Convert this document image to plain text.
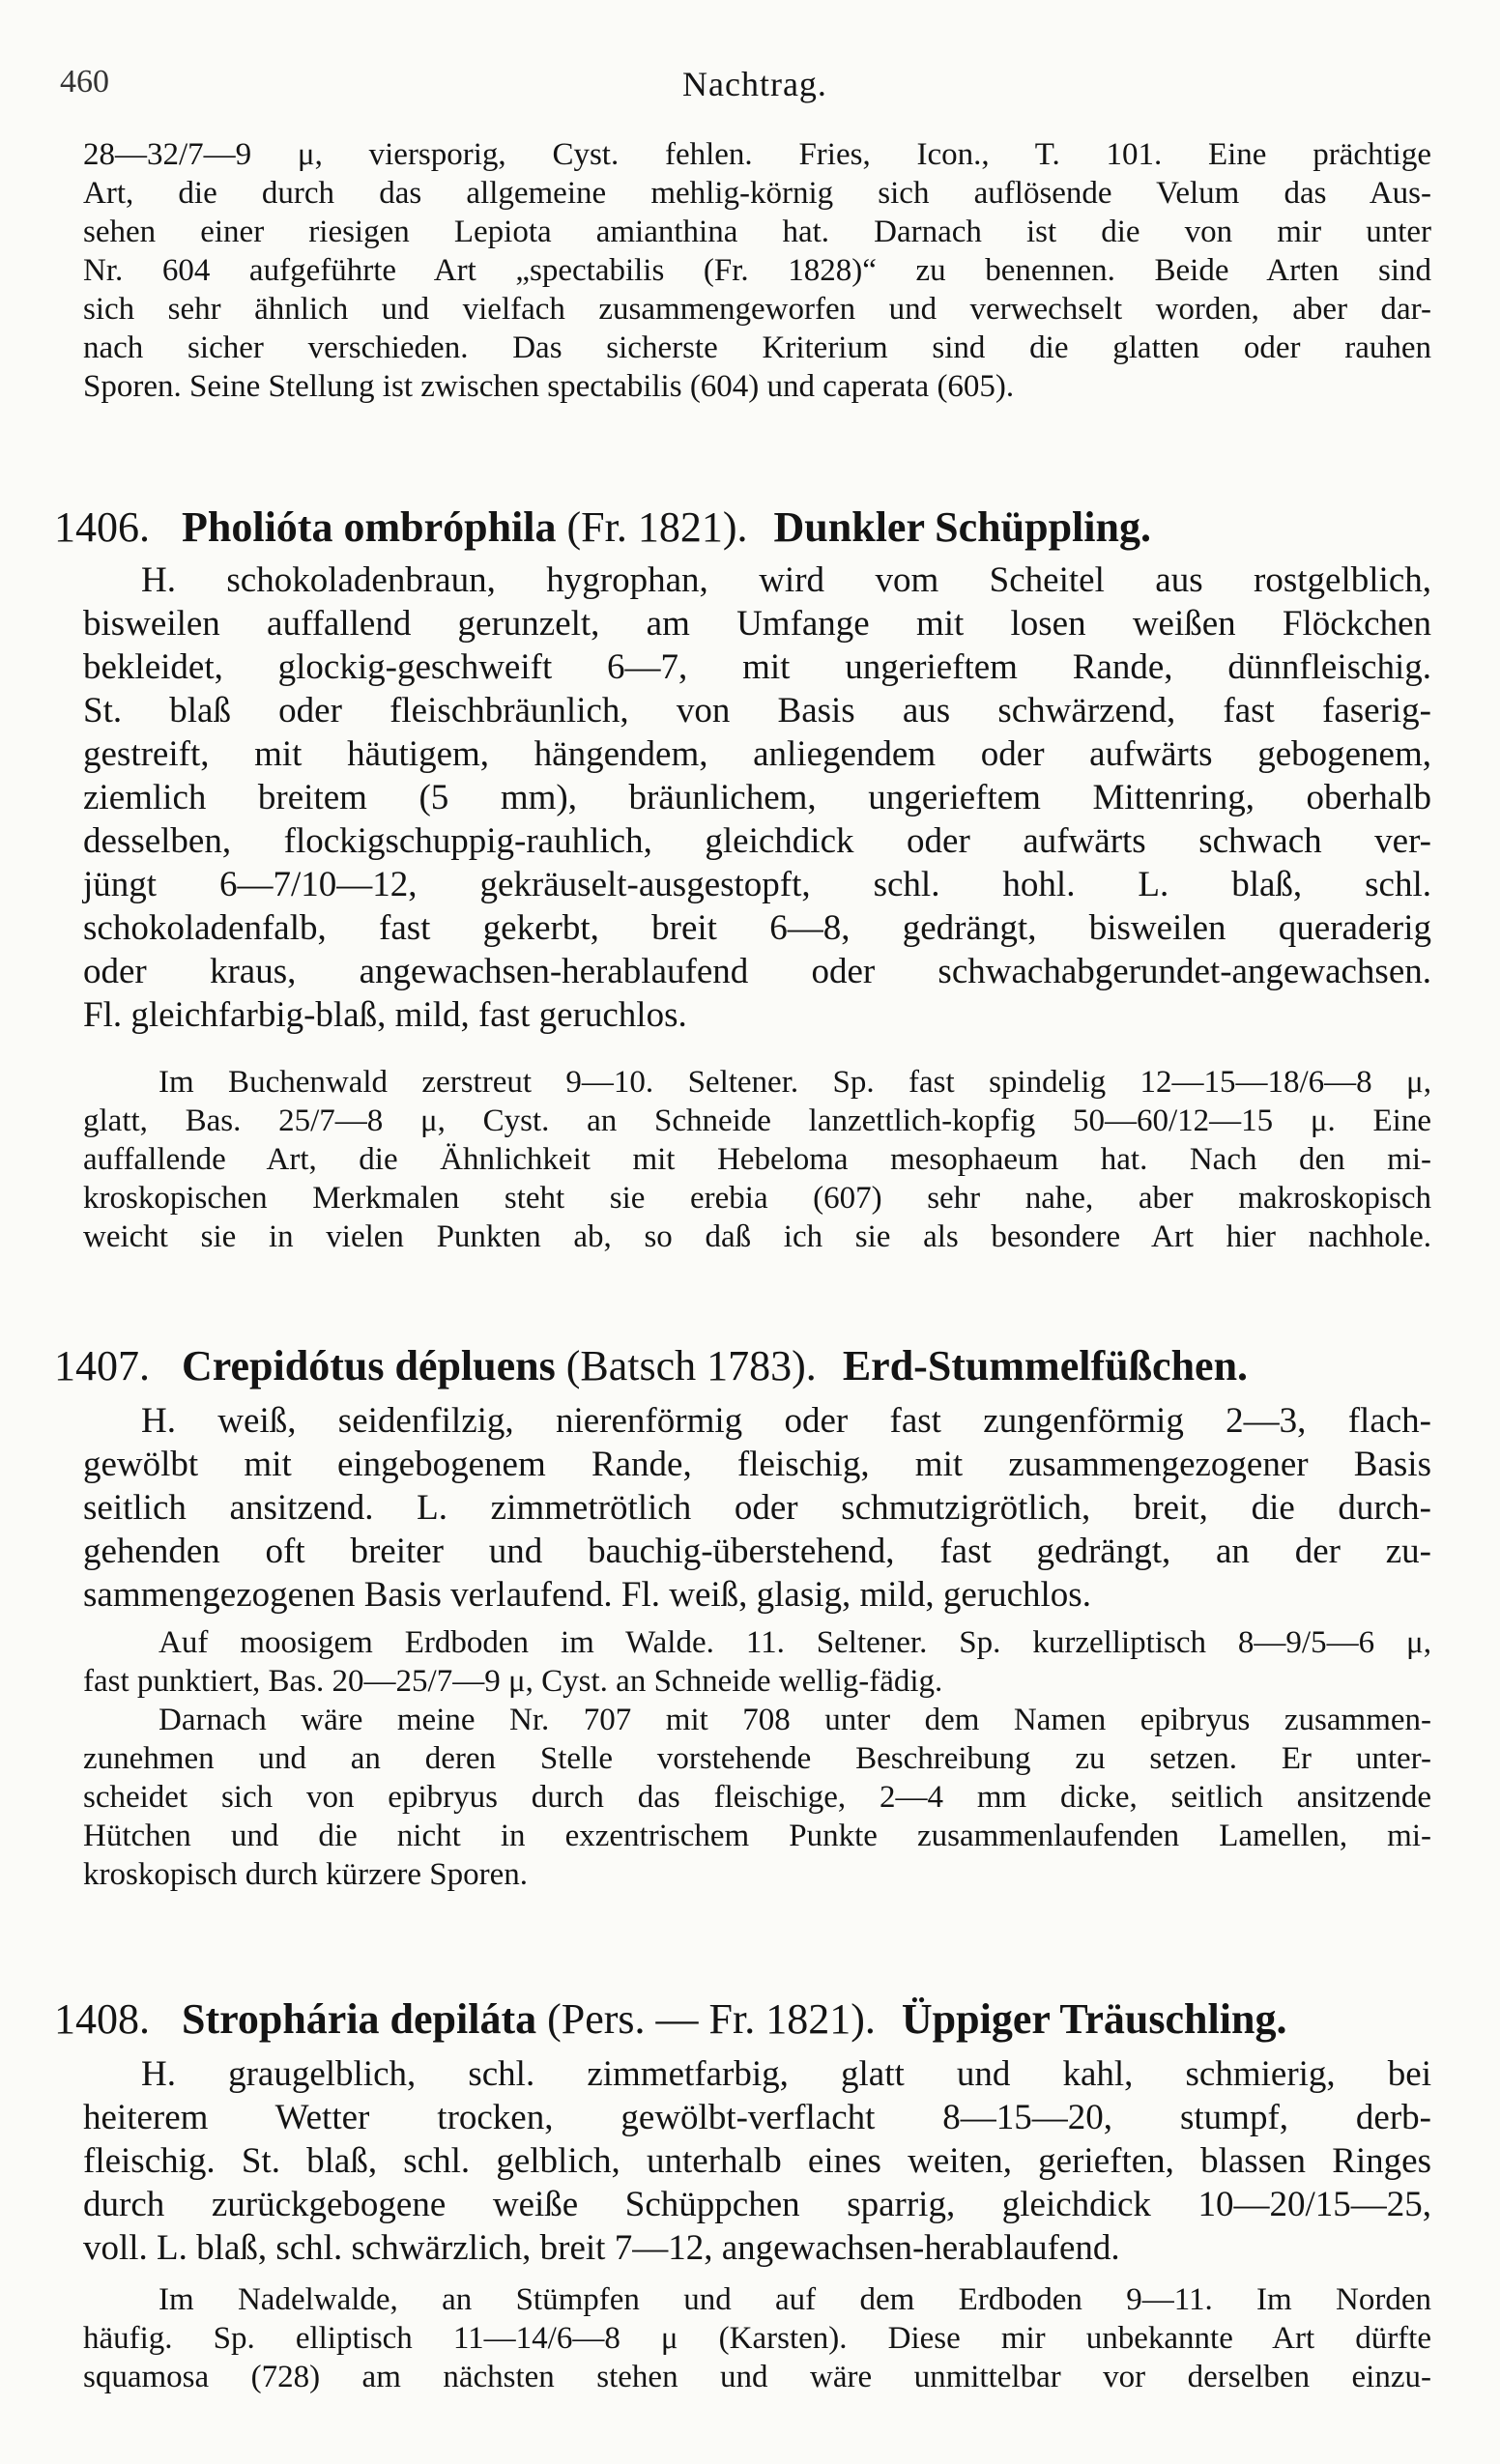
460	Nachtrag.
28—32/7—9 μ, viersporig, Cyst. fehlen. Fries, Icon., T. 101. Eine prächtige
Art, die durch das allgemeine mehlig-körnig sich auflösende Velum das Aus-
sehen einer riesigen Lepiota amianthina hat. Darnach ist die von mir unter
Nr. 604 aufgeführte Art „spectabilis (Fr. 1828)“ zu benennen. Beide Arten sind
sich sehr ähnlich und vielfach zusammengeworfen und verwechselt worden, aber dar-
nach sicher verschieden. Das sicherste Kriterium sind die glatten oder rauhen
Sporen. Seine Stellung ist zwischen spectabilis (604) und caperata (605).
1406. Pholióta ombróphila (Fr. 1821). Dunkler Schüppling.
H. schokoladenbraun, hygrophan, wird vom Scheitel aus rostgelblich,
bisweilen auffallend gerunzelt, am Umfange mit losen weißen Flöckchen
bekleidet, glockig-geschweift 6—7, mit ungerieftem Rande, dünnfleischig.
St. blaß oder fleischbräunlich, von Basis aus schwärzend, fast faserig-
gestreift, mit häutigem, hängendem, anliegendem oder aufwärts gebogenem,
ziemlich breitem (5 mm), bräunlichem, ungerieftem Mittenring, oberhalb
desselben, flockigschuppig-rauhlich, gleichdick oder aufwärts schwach ver-
jüngt 6—7/10—12, gekräuselt-ausgestopft, schl. hohl. L. blaß, schl.
schokoladenfalb, fast gekerbt, breit 6—8, gedrängt, bisweilen queraderig
oder kraus, angewachsen-herablaufend oder schwachabgerundet-angewachsen.
Fl. gleichfarbig-blaß, mild, fast geruchlos.
Im Buchenwald zerstreut 9—10. Seltener. Sp. fast spindelig 12—15—18/6—8 μ,
glatt, Bas. 25/7—8 μ, Cyst. an Schneide lanzettlich-kopfig 50—60/12—15 μ. Eine
auffallende Art, die Ähnlichkeit mit Hebeloma mesophaeum hat. Nach den mi-
kroskopischen Merkmalen steht sie erebia (607) sehr nahe, aber makroskopisch
weicht sie in vielen Punkten ab, so daß ich sie als besondere Art hier nachhole.
1407. Crepidótus dépluens (Batsch 1783). Erd-Stummelfüßchen.
H. weiß, seidenfilzig, nierenförmig oder fast zungenförmig 2—3, flach-
gewölbt mit eingebogenem Rande, fleischig, mit zusammengezogener Basis
seitlich ansitzend. L. zimmetrötlich oder schmutzigrötlich, breit, die durch-
gehenden oft breiter und bauchig-überstehend, fast gedrängt, an der zu-
sammengezogenen Basis verlaufend. Fl. weiß, glasig, mild, geruchlos.
Auf moosigem Erdboden im Walde. 11. Seltener. Sp. kurzelliptisch 8—9/5—6 μ,
fast punktiert, Bas. 20—25/7—9 μ, Cyst. an Schneide wellig-fädig.
Darnach wäre meine Nr. 707 mit 708 unter dem Namen epibryus zusammen-
zunehmen und an deren Stelle vorstehende Beschreibung zu setzen. Er unter-
scheidet sich von epibryus durch das fleischige, 2—4 mm dicke, seitlich ansitzende
Hütchen und die nicht in exzentrischem Punkte zusammenlaufenden Lamellen, mi-
kroskopisch durch kürzere Sporen.
1408. Strophária depiláta (Pers. — Fr. 1821). Üppiger Träuschling.
H. graugelblich, schl. zimmetfarbig, glatt und kahl, schmierig, bei
heiterem Wetter trocken, gewölbt-verflacht 8—15—20, stumpf, derb-
fleischig. St. blaß, schl. gelblich, unterhalb eines weiten, gerieften, blassen Ringes
durch zurückgebogene weiße Schüppchen sparrig, gleichdick 10—20/15—25,
voll. L. blaß, schl. schwärzlich, breit 7—12, angewachsen-herablaufend.
Im Nadelwalde, an Stümpfen und auf dem Erdboden 9—11. Im Norden
häufig. Sp. elliptisch 11—14/6—8 μ (Karsten). Diese mir unbekannte Art dürfte
squamosa (728) am nächsten stehen und wäre unmittelbar vor derselben einzu-
